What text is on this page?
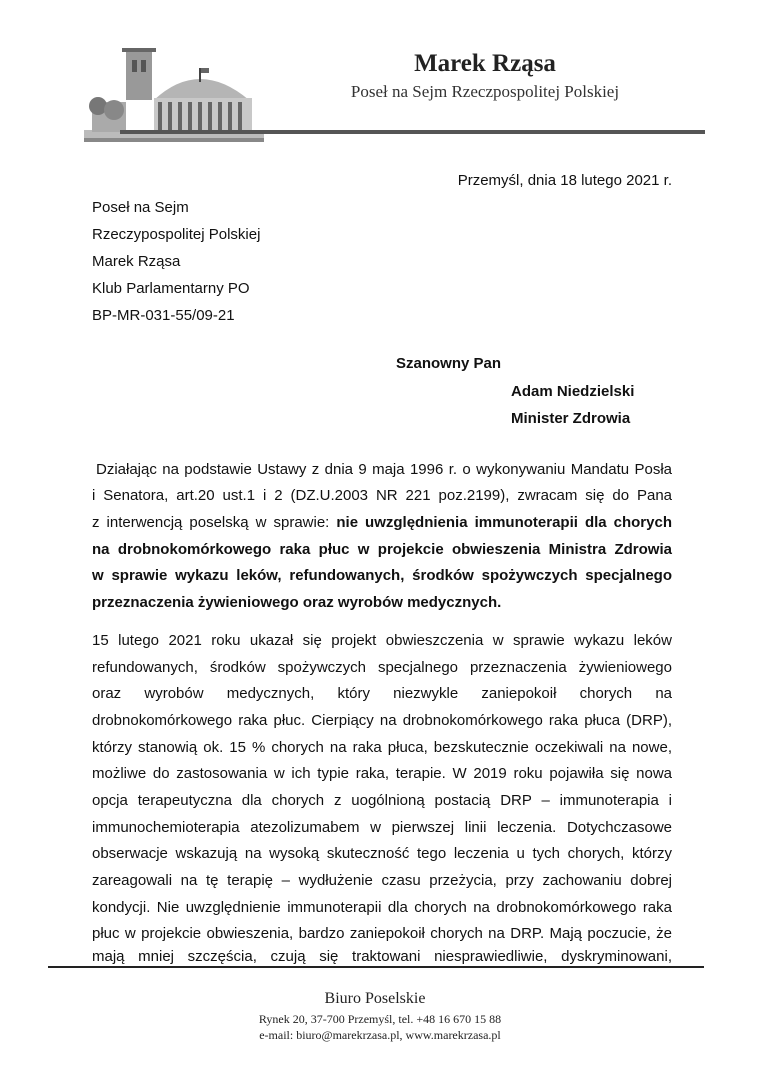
Marek Rząsa
Poseł na Sejm Rzeczpospolitej Polskiej
Przemyśl, dnia 18 lutego 2021 r.
Poseł na Sejm
Rzeczypospolitej Polskiej
Marek Rząsa
Klub Parlamentarny PO
BP-MR-031-55/09-21
Szanowny Pan
Adam Niedzielski
Minister Zdrowia
Działając na podstawie Ustawy z dnia 9 maja 1996 r. o wykonywaniu Mandatu Posła
i Senatora, art.20 ust.1 i 2 (DZ.U.2003 NR 221 poz.2199), zwracam się do Pana
z interwencją poselską w sprawie: nie uwzględnienia immunoterapii dla chorych
na drobnokomórkowego raka płuc w projekcie obwieszenia Ministra Zdrowia
w sprawie wykazu leków, refundowanych, środków spożywczych specjalnego
przeznaczenia żywieniowego oraz wyrobów medycznych.
15 lutego 2021 roku ukazał się projekt obwieszczenia w sprawie wykazu leków
refundowanych, środków spożywczych specjalnego przeznaczenia żywieniowego
oraz wyrobów medycznych, który niezwykle zaniepokoił chorych na
drobnokomórkowego raka płuc. Cierpiący na drobnokomórkowego raka płuca (DRP),
którzy stanowią ok. 15 % chorych na raka płuca, bezskutecznie oczekiwali na nowe,
możliwe do zastosowania w ich typie raka, terapie. W 2019 roku pojawiła się nowa
opcja terapeutyczna dla chorych z uogólnioną postacią DRP – immunoterapia i
immunochemioterapia atezolizumabem w pierwszej linii leczenia. Dotychczasowe
obserwacje wskazują na wysoką skuteczność tego leczenia u tych chorych, którzy
zareagowali na tę terapię – wydłużenie czasu przeżycia, przy zachowaniu dobrej
kondycji. Nie uwzględnienie immunoterapii dla chorych na drobnokomórkowego raka
płuc w projekcie obwieszenia, bardzo zaniepokoił chorych na DRP. Mają poczucie, że
mają mniej szczęścia, czują się traktowani niesprawiedliwie, dyskryminowani,
Biuro Poselskie
Rynek 20, 37-700 Przemyśl, tel. +48 16 670 15 88
e-mail: biuro@marekrzasa.pl, www.marekrzasa.pl
